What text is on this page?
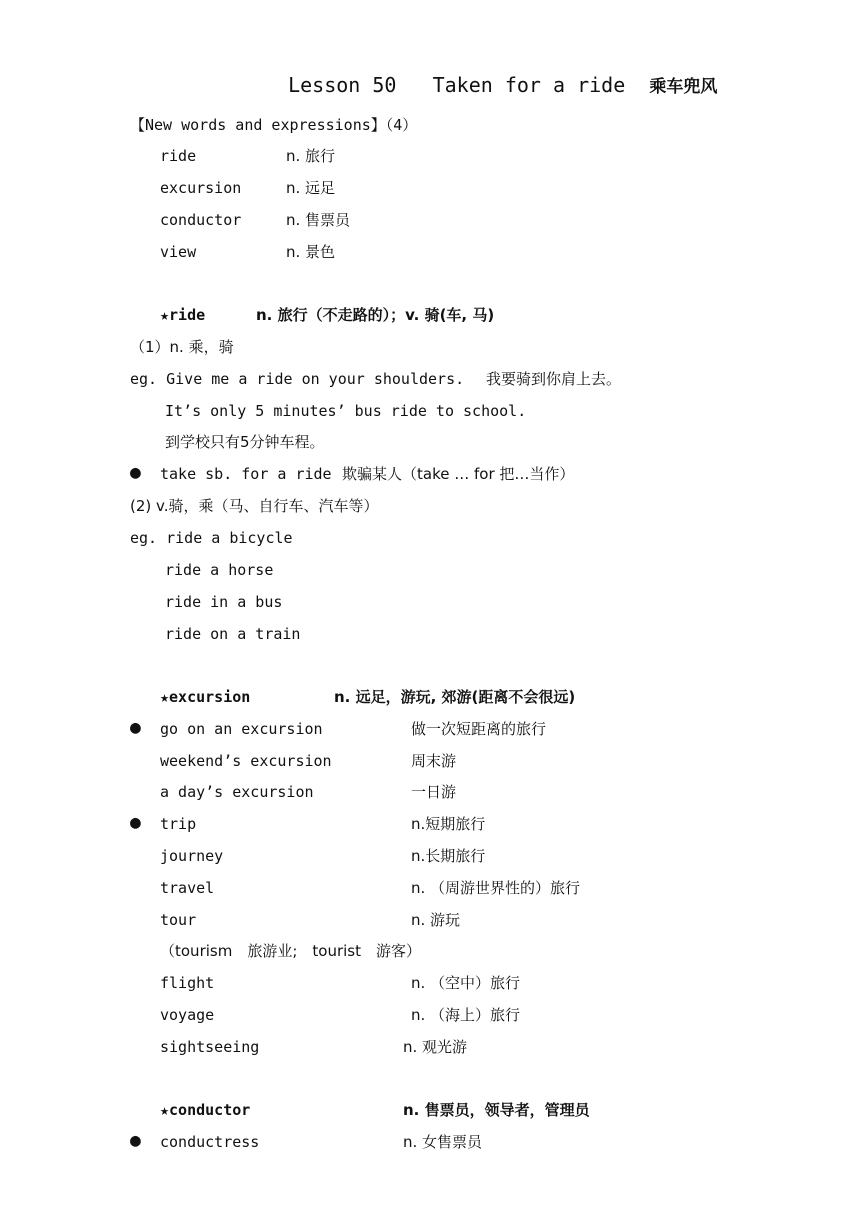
Lesson 50 Taken for a ride 乘车兜风

【New words and expressions】（4）
ride	n. 旅行
excursion	n. 远足
conductor	n. 售票员
view	n. 景色
★ride	n. 旅行（不走路的）；v. 骑(车, 马)
（1）n. 乘，骑
eg. Give me a ride on your shoulders. 我要骑到你肩上去。
It’s only 5 minutes’ bus ride to school.
到学校只有5分钟车程。
● take sb. for a ride 欺骗某人（take … for 把…当作）
(2) v.骑，乘（马、自行车、汽车等）
eg. ride a bicycle
ride a horse
ride in a bus
ride on a train
★excursion	n. 远足，游玩, 郊游(距离不会很远)
● go on an excursion	做一次短距离的旅行
weekend’s excursion	周末游
a day’s excursion	一日游
● trip	n.短期旅行
journey	n.长期旅行
travel	n. （周游世界性的）旅行
tour	n. 游玩
（tourism　旅游业;　tourist　游客）
flight	n. （空中）旅行
voyage	n. （海上）旅行
sightseeing	n. 观光游
★conductor	n. 售票员，领导者，管理员
● conductress	n. 女售票员
